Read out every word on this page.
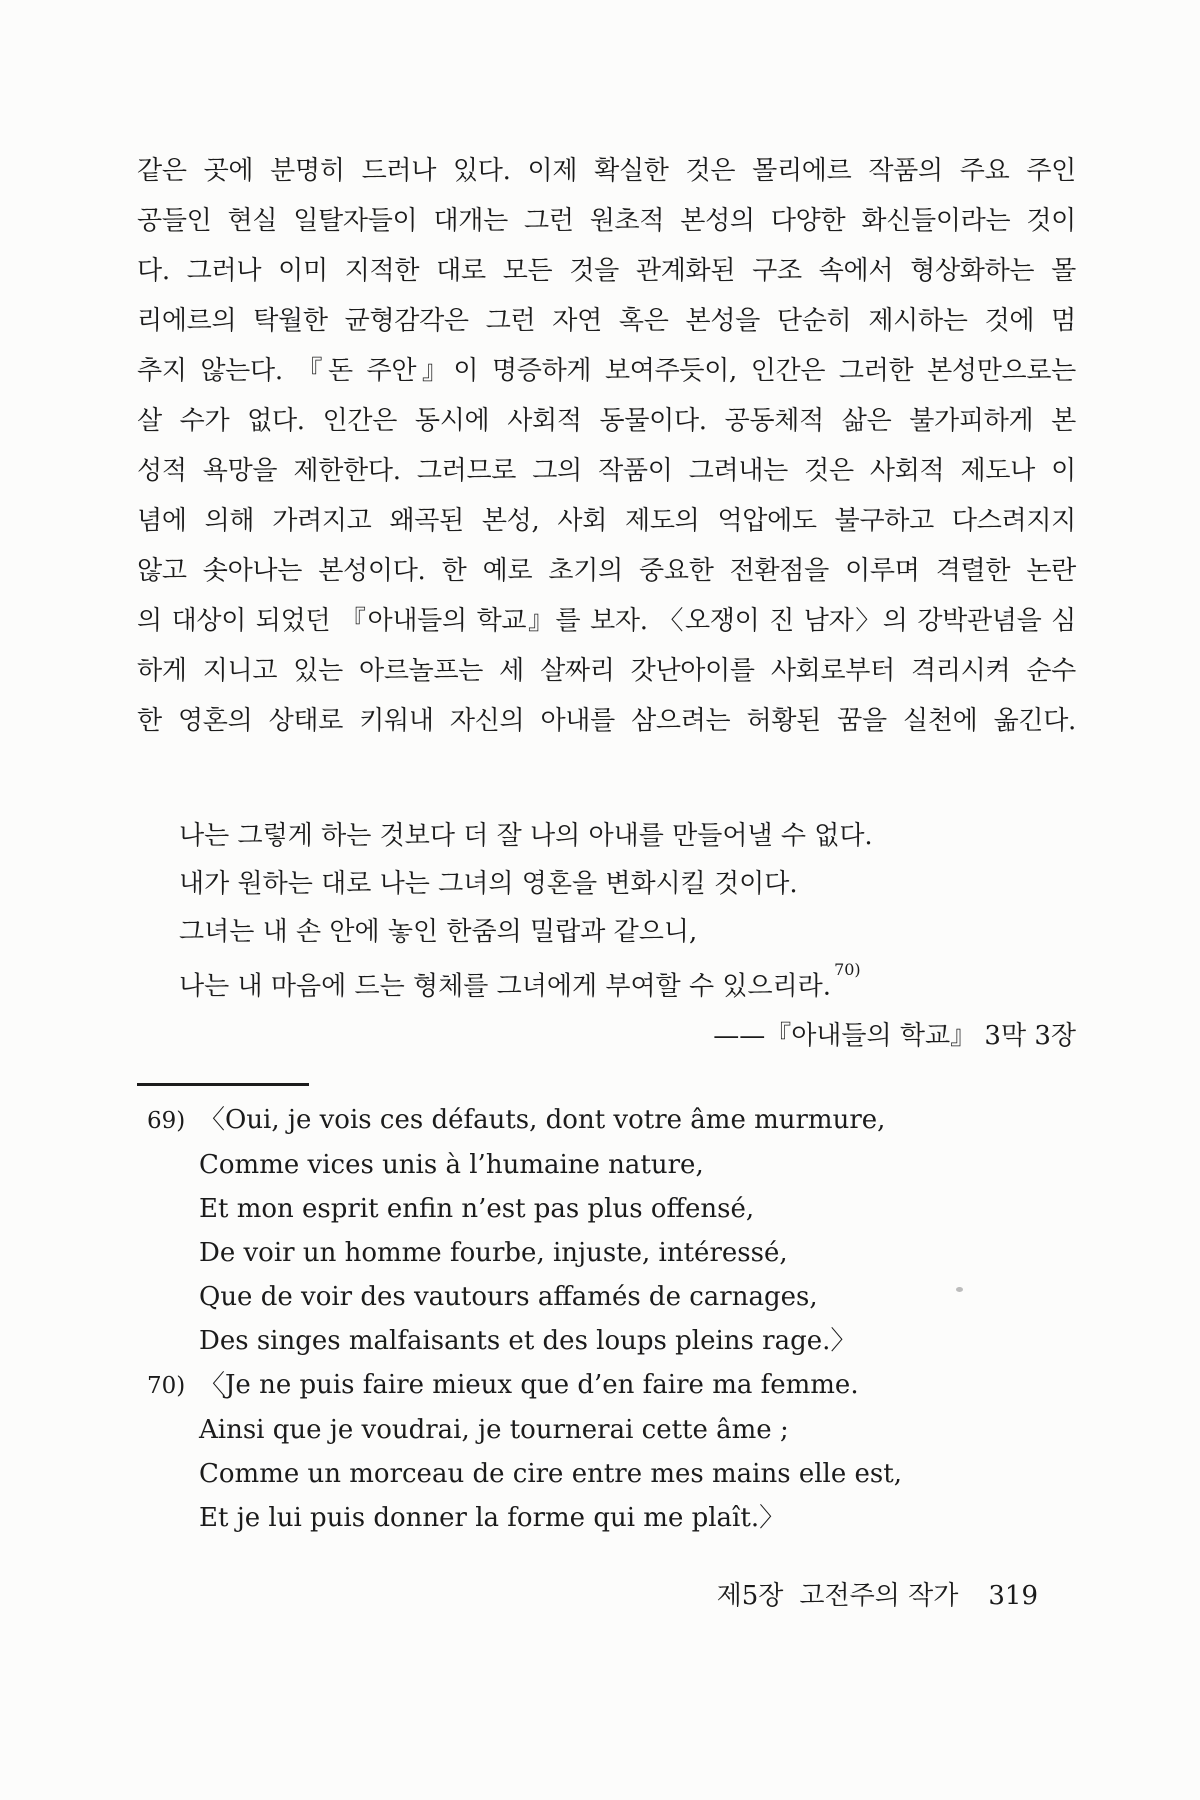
같은 곳에 분명히 드러나 있다. 이제 확실한 것은 몰리에르 작품의 주요 주인
공들인 현실 일탈자들이 대개는 그런 원초적 본성의 다양한 화신들이라는 것이
다. 그러나 이미 지적한 대로 모든 것을 관계화된 구조 속에서 형상화하는 몰
리에르의 탁월한 균형감각은 그런 자연 혹은 본성을 단순히 제시하는 것에 멈
추지 않는다. 『돈 주안』이 명증하게 보여주듯이, 인간은 그러한 본성만으로는
살 수가 없다. 인간은 동시에 사회적 동물이다. 공동체적 삶은 불가피하게 본
성적 욕망을 제한한다. 그러므로 그의 작품이 그려내는 것은 사회적 제도나 이
념에 의해 가려지고 왜곡된 본성, 사회 제도의 억압에도 불구하고 다스려지지
않고 솟아나는 본성이다. 한 예로 초기의 중요한 전환점을 이루며 격렬한 논란
의 대상이 되었던 『아내들의 학교』를 보자. 〈오쟁이 진 남자〉의 강박관념을 심
하게 지니고 있는 아르놀프는 세 살짜리 갓난아이를 사회로부터 격리시켜 순수
한 영혼의 상태로 키워내 자신의 아내를 삼으려는 허황된 꿈을 실천에 옮긴다.
나는 그렇게 하는 것보다 더 잘 나의 아내를 만들어낼 수 없다.
내가 원하는 대로 나는 그녀의 영혼을 변화시킬 것이다.
그녀는 내 손 안에 놓인 한줌의 밀랍과 같으니,
나는 내 마음에 드는 형체를 그녀에게 부여할 수 있으리라.$^{70)}$
——『아내들의 학교』 3막 3장
69) 〈Oui, je vois ces défauts, dont votre âme murmure,
Comme vices unis à l’humaine nature,
Et mon esprit enfin n’est pas plus offensé,
De voir un homme fourbe, injuste, intéressé,
Que de voir des vautours affamés de carnages,
Des singes malfaisants et des loups pleins rage.〉
70) 〈Je ne puis faire mieux que d’en faire ma femme.
Ainsi que je voudrai, je tournerai cette âme ;
Comme un morceau de cire entre mes mains elle est,
Et je lui puis donner la forme qui me plaît.〉
제5장 고전주의 작가 319
